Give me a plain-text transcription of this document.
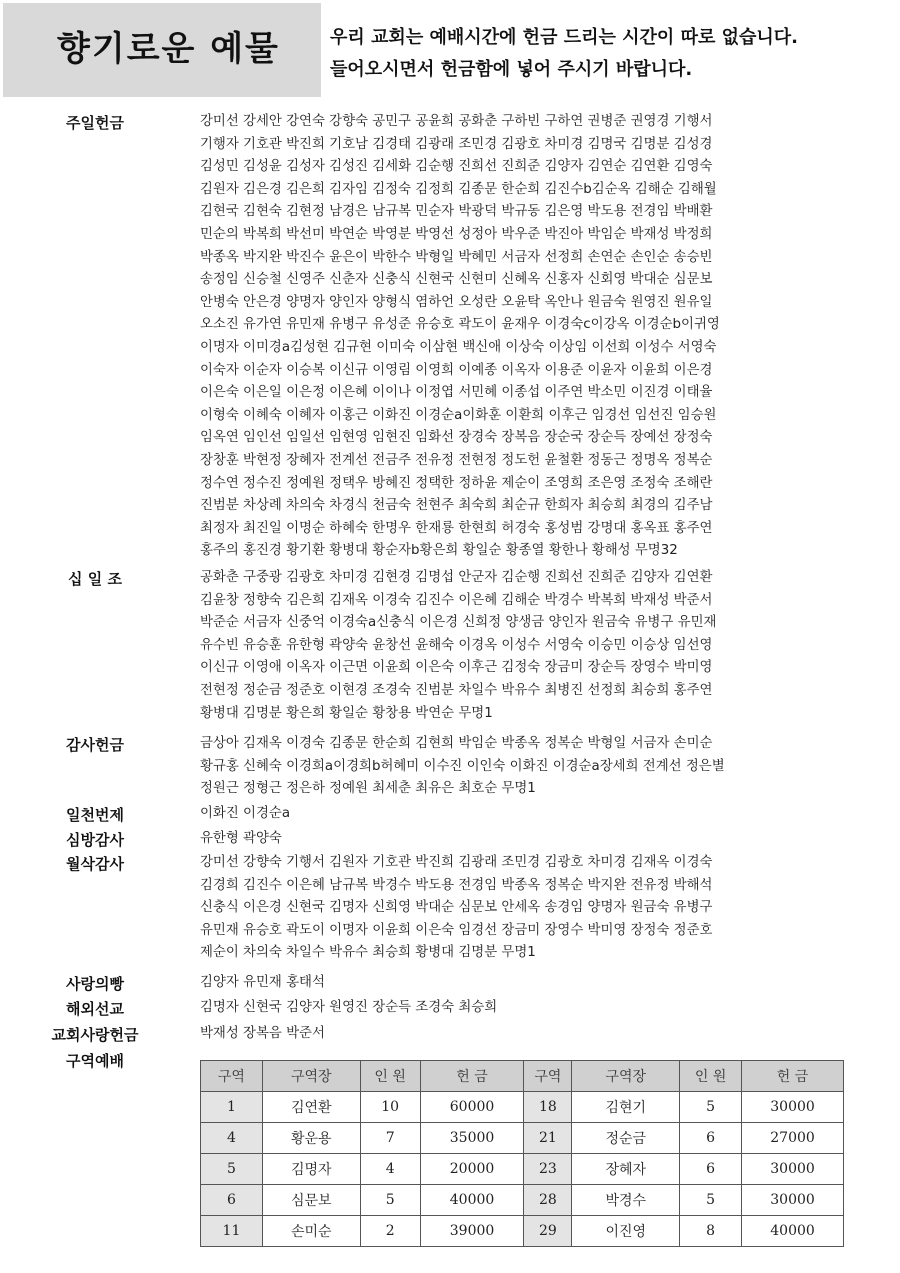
향기로운 예물	우리 교회는 예배시간에 헌금 드리는 시간이 따로 없습니다.
들어오시면서 헌금함에 넣어 주시기 바랍니다.
주일헌금	강미선 강세안 강연숙 강향숙 공민구 공윤희 공화춘 구하빈 구하연 권병준 권영경 기행서
기행자 기호관 박진희 기호남 김경태 김광래 조민경 김광호 차미경 김명국 김명분 김성경
김성민 김성윤 김성자 김성진 김세화 김순행 진희선 진희준 김양자 김연순 김연환 김영숙
김원자 김은경 김은희 김자임 김정숙 김정희 김종문 한순희 김진수b김순옥 김해순 김해월
김현국 김현숙 김현정 남경은 남규복 민순자 박광덕 박규동 김은영 박도용 전경임 박배환
민순의 박복희 박선미 박연순 박영분 박영선 성정아 박우준 박진아 박임순 박재성 박정희
박종옥 박지완 박진수 윤은이 박한수 박형일 박혜민 서금자 선정희 손연순 손인순 송승빈
송정임 신승철 신영주 신춘자 신충식 신현국 신현미 신혜옥 신홍자 신회영 박대순 심문보
안병숙 안은경 양명자 양인자 양형식 염하언 오성란 오윤탁 옥안나 원금숙 원영진 원유일
오소진 유가연 유민재 유병구 유성준 유승호 곽도이 윤재우 이경숙c이강옥 이경순b이귀영
이명자 이미경a김성현 김규현 이미숙 이삼현 백신애 이상숙 이상임 이선희 이성수 서영숙
이숙자 이순자 이승복 이신규 이영림 이영희 이예종 이옥자 이용준 이윤자 이윤희 이은경
이은숙 이은일 이은정 이은혜 이이나 이정엽 서민혜 이종섭 이주연 박소민 이진경 이태율
이형숙 이혜숙 이혜자 이홍근 이화진 이경순a이화훈 이환희 이후근 임경선 임선진 임승원
임옥연 임인선 임일선 임현영 임현진 임화선 장경숙 장복음 장순국 장순득 장예선 장정숙
장창훈 박현정 장혜자 전계선 전금주 전유정 전현정 정도헌 윤철환 정동근 정명옥 정복순
정수연 정수진 정예원 정택우 방혜진 정택한 정하윤 제순이 조영희 조은영 조정숙 조해란
진범분 차상례 차의숙 차경식 천금숙 천현주 최숙희 최순규 한희자 최승희 최경의 김주남
최정자 최진일 이명순 하혜숙 한명우 한재룡 한현희 허경숙 홍성범 강명대 홍옥표 홍주연
홍주의 홍진경 황기환 황병대 황순자b황은희 황일순 황종열 황한나 황해성 무명32
십 일 조	공화춘 구중광 김광호 차미경 김현경 김명섭 안군자 김순행 진희선 진희준 김양자 김연환
김윤창 정향숙 김은희 김재옥 이경숙 김진수 이은혜 김해순 박경수 박복희 박재성 박준서
박준순 서금자 신중억 이경숙a신충식 이은경 신희정 양생금 양인자 원금숙 유병구 유민재
유수빈 유승훈 유한형 곽양숙 윤창선 윤해숙 이경옥 이성수 서영숙 이승민 이승상 임선영
이신규 이영애 이옥자 이근면 이윤희 이은숙 이후근 김정숙 장금미 장순득 장영수 박미영
전현정 정순금 정준호 이현경 조경숙 진범분 차일수 박유수 최병진 선정희 최승희 홍주연
황병대 김명분 황은희 황일순 황창용 박연순 무명1
감사헌금	금상아 김재옥 이경숙 김종문 한순희 김현희 박임순 박종옥 정복순 박형일 서금자 손미순
황규홍 신혜숙 이경희a이경희b허혜미 이수진 이인숙 이화진 이경순a장세희 전계선 정은별
정원근 정형근 정은하 정예원 최세춘 최유은 최호순 무명1
일천번제	이화진 이경순a
심방감사	유한형 곽양숙
월삭감사	강미선 강향숙 기행서 김원자 기호관 박진희 김광래 조민경 김광호 차미경 김재옥 이경숙
김경희 김진수 이은혜 남규복 박경수 박도용 전경임 박종옥 정복순 박지완 전유정 박해석
신충식 이은경 신현국 김명자 신희영 박대순 심문보 안세옥 송경임 양명자 원금숙 유병구
유민재 유승호 곽도이 이명자 이윤희 이은숙 임경선 장금미 장영수 박미영 장정숙 정준호
제순이 차의숙 차일수 박유수 최승희 황병대 김명분 무명1
사랑의빵	김양자 유민재 홍태석
해외선교	김명자 신현국 김양자 원영진 장순득 조경숙 최승희
교회사랑헌금	박재성 장복음 박준서
구역예배
구역	구역장	인 원	헌 금	구역	구역장	인 원	헌 금
1	김연환	10	60000	18	김현기	5	30000
4	황운용	7	35000	21	정순금	6	27000
5	김명자	4	20000	23	장혜자	6	30000
6	심문보	5	40000	28	박경수	5	30000
11	손미순	2	39000	29	이진영	8	40000
